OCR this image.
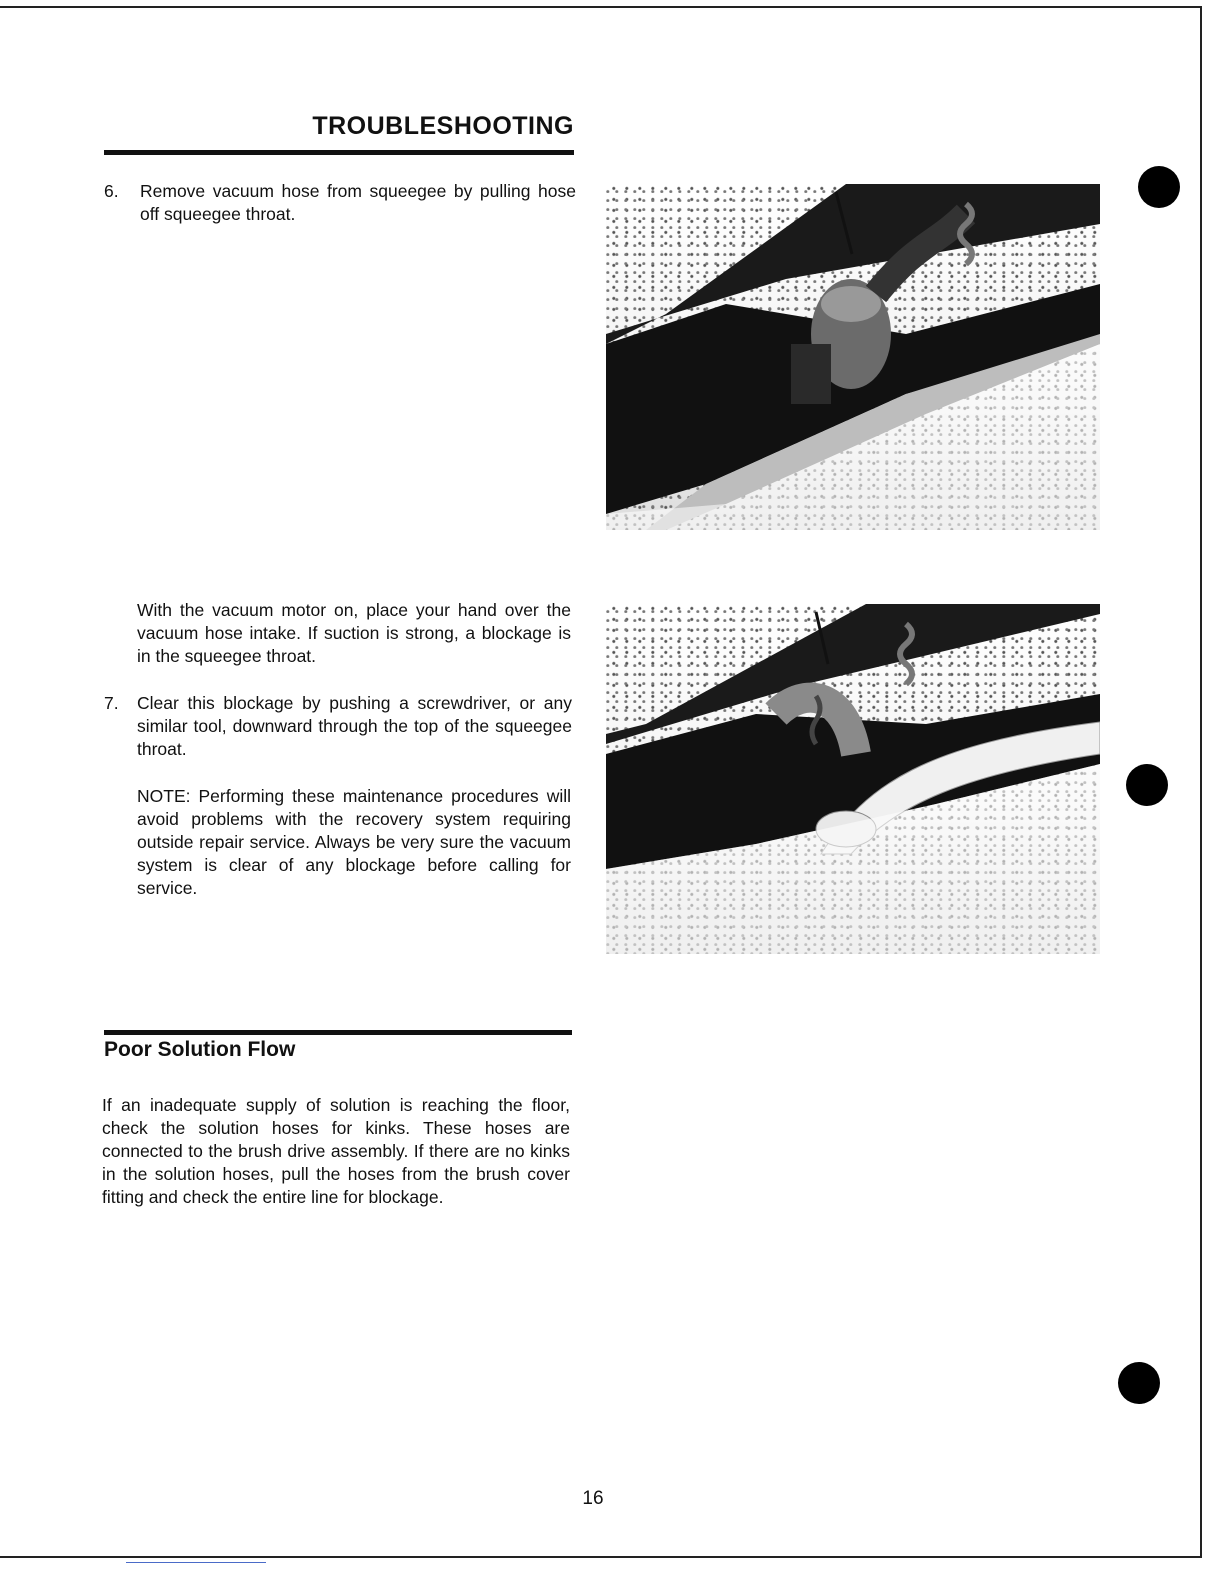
TROUBLESHOOTING
6. Remove vacuum hose from squeegee by pulling hose off squeegee throat.
With the vacuum motor on, place your hand over the vacuum hose intake. If suction is strong, a blockage is in the squeegee throat.
7. Clear this blockage by pushing a screwdriver, or any similar tool, downward through the top of the squeegee throat.
NOTE: Performing these maintenance procedures will avoid problems with the recovery system requiring outside repair service. Always be very sure the vacuum system is clear of any blockage before calling for service.
Poor Solution Flow
If an inadequate supply of solution is reaching the floor, check the solution hoses for kinks. These hoses are connected to the brush drive assembly. If there are no kinks in the solution hoses, pull the hoses from the brush cover fitting and check the entire line for blockage.
16
